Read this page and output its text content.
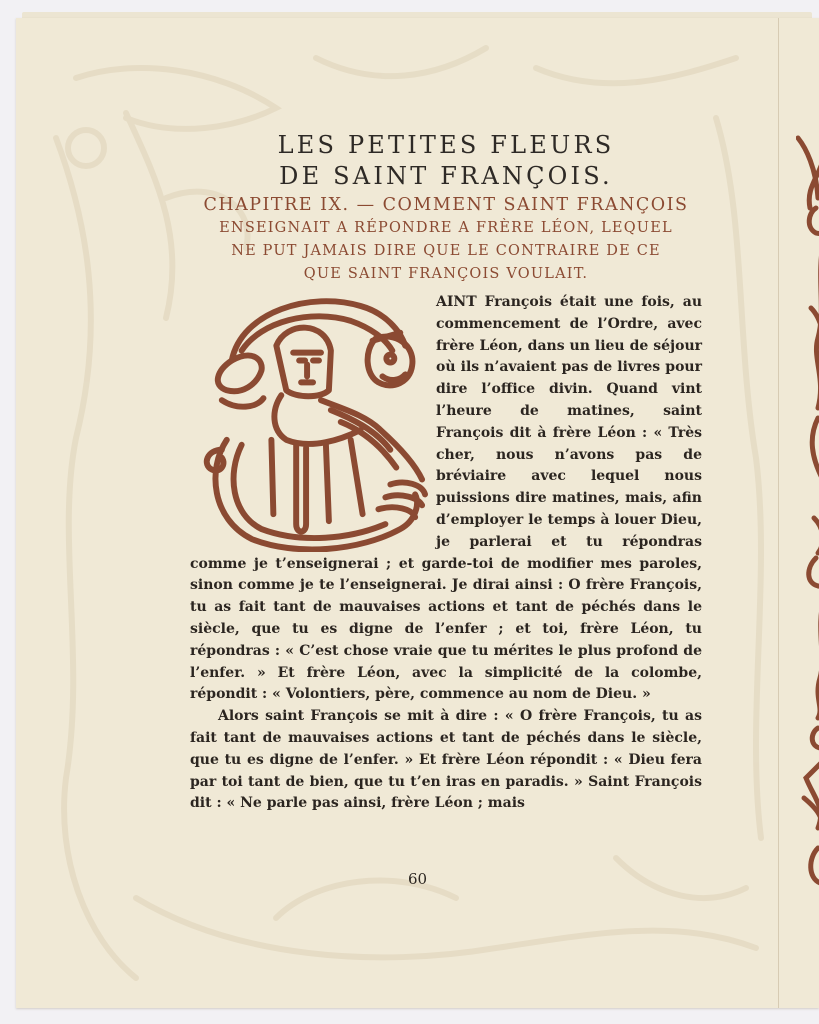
LES PETITES FLEURS
DE SAINT FRANÇOIS.
CHAPITRE IX. — COMMENT SAINT FRANÇOIS
ENSEIGNAIT A RÉPONDRE A FRÈRE LÉON, LEQUEL
NE PUT JAMAIS DIRE QUE LE CONTRAIRE DE CE
QUE SAINT FRANÇOIS VOULAIT.

AINT François était une fois, au commencement de l’Ordre, avec frère Léon, dans un lieu de séjour où ils n’avaient pas de livres pour dire l’office divin. Quand vint l’heure de matines, saint François dit à frère Léon : « Très cher, nous n’avons pas de bréviaire avec lequel nous puissions dire matines, mais, afin d’employer le temps à louer Dieu, je parlerai et tu répondras comme je t’enseignerai ; et garde-toi de modifier mes paroles, sinon comme je te l’enseignerai. Je dirai ainsi : O frère François, tu as fait tant de mauvaises actions et tant de péchés dans le siècle, que tu es digne de l’enfer ; et toi, frère Léon, tu répondras : « C’est chose vraie que tu mérites le plus profond de l’enfer. » Et frère Léon, avec la simplicité de la colombe, répondit : « Volontiers, père, commence au nom de Dieu. »

Alors saint François se mit à dire : « O frère François, tu as fait tant de mauvaises actions et tant de péchés dans le siècle, que tu es digne de l’enfer. » Et frère Léon répondit : « Dieu fera par toi tant de bien, que tu t’en iras en paradis. » Saint François dit : « Ne parle pas ainsi, frère Léon ; mais

60
